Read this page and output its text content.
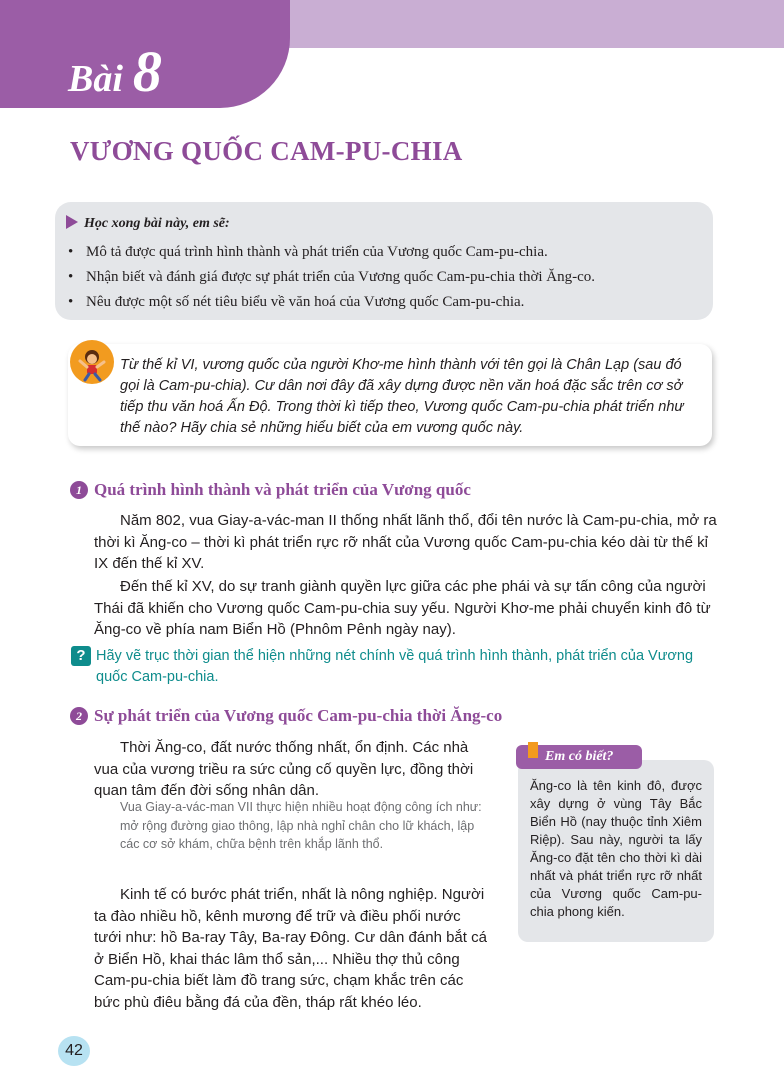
Bài 8
VƯƠNG QUỐC CAM-PU-CHIA
Học xong bài này, em sẽ:
• Mô tả được quá trình hình thành và phát triển của Vương quốc Cam-pu-chia.
• Nhận biết và đánh giá được sự phát triển của Vương quốc Cam-pu-chia thời Ăng-co.
• Nêu được một số nét tiêu biểu về văn hoá của Vương quốc Cam-pu-chia.
Từ thế kỉ VI, vương quốc của người Khơ-me hình thành với tên gọi là Chân Lạp (sau đó gọi là Cam-pu-chia). Cư dân nơi đây đã xây dựng được nền văn hoá đặc sắc trên cơ sở tiếp thu văn hoá Ấn Độ. Trong thời kì tiếp theo, Vương quốc Cam-pu-chia phát triển như thế nào? Hãy chia sẻ những hiểu biết của em vương quốc này.
1 Quá trình hình thành và phát triển của Vương quốc

Năm 802, vua Giay-a-vác-man II thống nhất lãnh thổ, đổi tên nước là Cam-pu-chia, mở ra thời kì Ăng-co – thời kì phát triển rực rỡ nhất của Vương quốc Cam-pu-chia kéo dài từ thế kỉ IX đến thế kỉ XV.

Đến thế kỉ XV, do sự tranh giành quyền lực giữa các phe phái và sự tấn công của người Thái đã khiến cho Vương quốc Cam-pu-chia suy yếu. Người Khơ-me phải chuyển kinh đô từ Ăng-co về phía nam Biển Hồ (Phnôm Pênh ngày nay).

? Hãy vẽ trục thời gian thể hiện những nét chính về quá trình hình thành, phát triển của Vương quốc Cam-pu-chia.
2 Sự phát triển của Vương quốc Cam-pu-chia thời Ăng-co

Thời Ăng-co, đất nước thống nhất, ổn định. Các nhà vua của vương triều ra sức củng cố quyền lực, đồng thời quan tâm đến đời sống nhân dân.

Vua Giay-a-vác-man VII thực hiện nhiều hoạt động công ích như: mở rộng đường giao thông, lập nhà nghỉ chân cho lữ khách, lập các cơ sở khám, chữa bệnh trên khắp lãnh thổ.

Kinh tế có bước phát triển, nhất là nông nghiệp. Người ta đào nhiều hồ, kênh mương để trữ và điều phối nước tưới như: hồ Ba-ray Tây, Ba-ray Đông. Cư dân đánh bắt cá ở Biển Hồ, khai thác lâm thổ sản,... Nhiều thợ thủ công Cam-pu-chia biết làm đồ trang sức, chạm khắc trên các bức phù điêu bằng đá của đền, tháp rất khéo léo.

Em có biết?
Ăng-co là tên kinh đô, được xây dựng ở vùng Tây Bắc Biển Hồ (nay thuộc tỉnh Xiêm Riệp). Sau này, người ta lấy Ăng-co đặt tên cho thời kì dài nhất và phát triển rực rỡ nhất của Vương quốc Cam-pu-chia phong kiến.
42
